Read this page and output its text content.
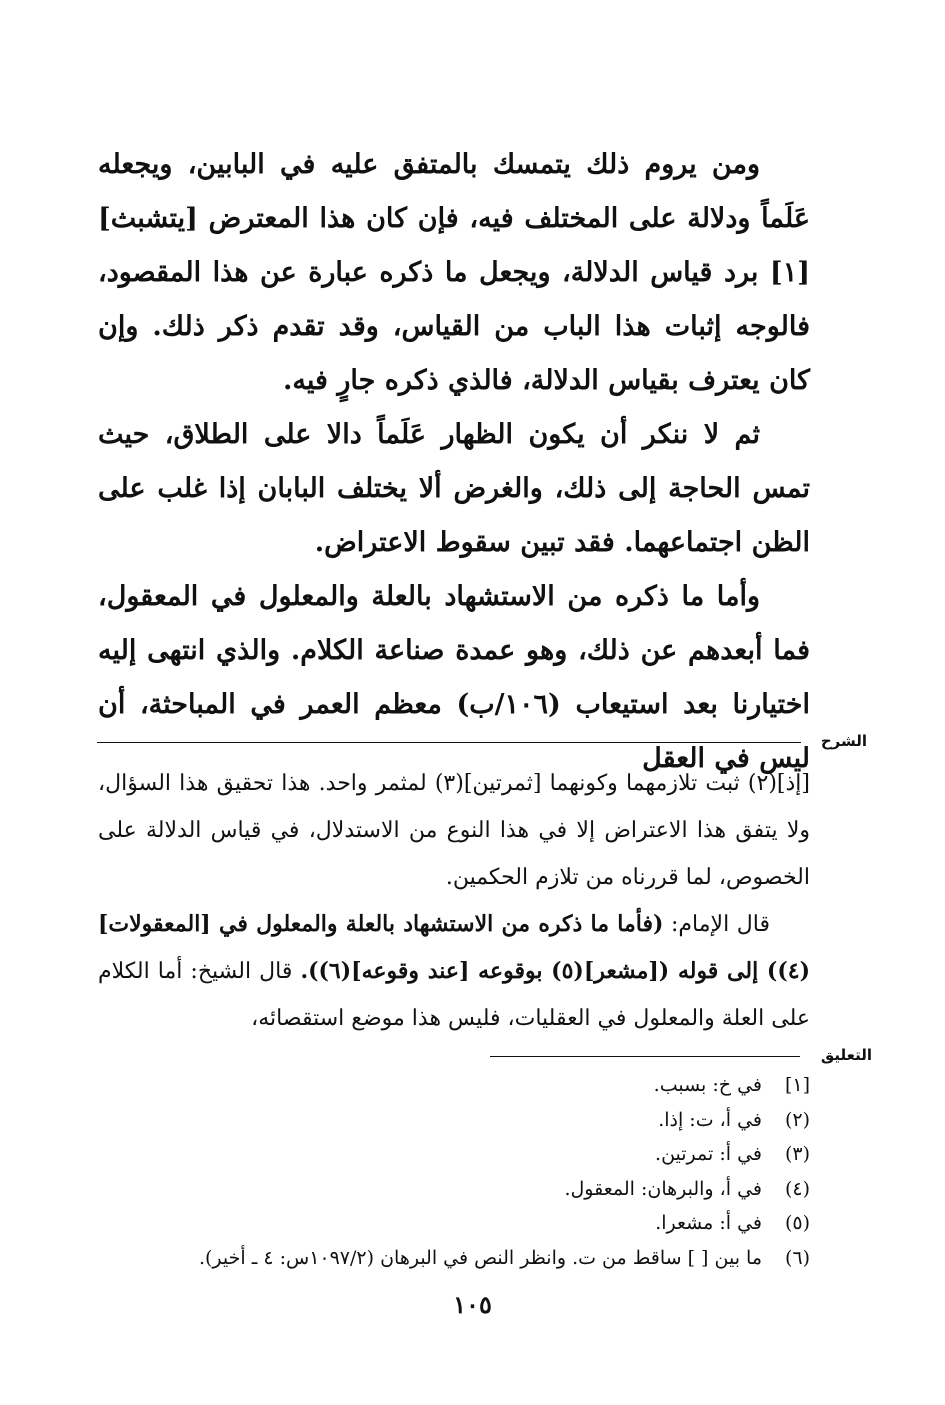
ومن يروم ذلك يتمسك بالمتفق عليه في البابين، ويجعله عَلَماً ودلالة على المختلف فيه، فإن كان هذا المعترض [يتشبث][١] برد قياس الدلالة، ويجعل ما ذكره عبارة عن هذا المقصود، فالوجه إثبات هذا الباب من القياس، وقد تقدم ذكر ذلك. وإن كان يعترف بقياس الدلالة، فالذي ذكره جارٍ فيه.

ثم لا ننكر أن يكون الظهار عَلَماً دالا على الطلاق، حيث تمس الحاجة إلى ذلك، والغرض ألا يختلف البابان إذا غلب على الظن اجتماعهما. فقد تبين سقوط الاعتراض.

وأما ما ذكره من الاستشهاد بالعلة والمعلول في المعقول، فما أبعدهم عن ذلك، وهو عمدة صناعة الكلام. والذي انتهى إليه اختيارنا بعد استيعاب (١٠٦/ب) معظم العمر في المباحثة، أن ليس في العقل

الشرح

[إذ](٢) ثبت تلازمهما وكونهما [ثمرتين](٣) لمثمر واحد. هذا تحقيق هذا السؤال، ولا يتفق هذا الاعتراض إلا في هذا النوع من الاستدلال، في قياس الدلالة على الخصوص، لما قررناه من تلازم الحكمين.

قال الإمام: (فأما ما ذكره من الاستشهاد بالعلة والمعلول في [المعقولات](٤)) إلى قوله ([مشعر](٥) بوقوعه [عند وقوعه](٦)). قال الشيخ: أما الكلام على العلة والمعلول في العقليات، فليس هذا موضع استقصائه،

التعليق
[١]
في خ: بسبب.
(٢)
في أ، ت: إذا.
(٣)
في أ: تمرتين.
(٤)
في أ، والبرهان: المعقول.
(٥)
في أ: مشعرا.
(٦)
ما بين [ ] ساقط من ت. وانظر النص في البرهان (١٠٩٧/٢س: ٤ ـ أخير).
١٠٥
